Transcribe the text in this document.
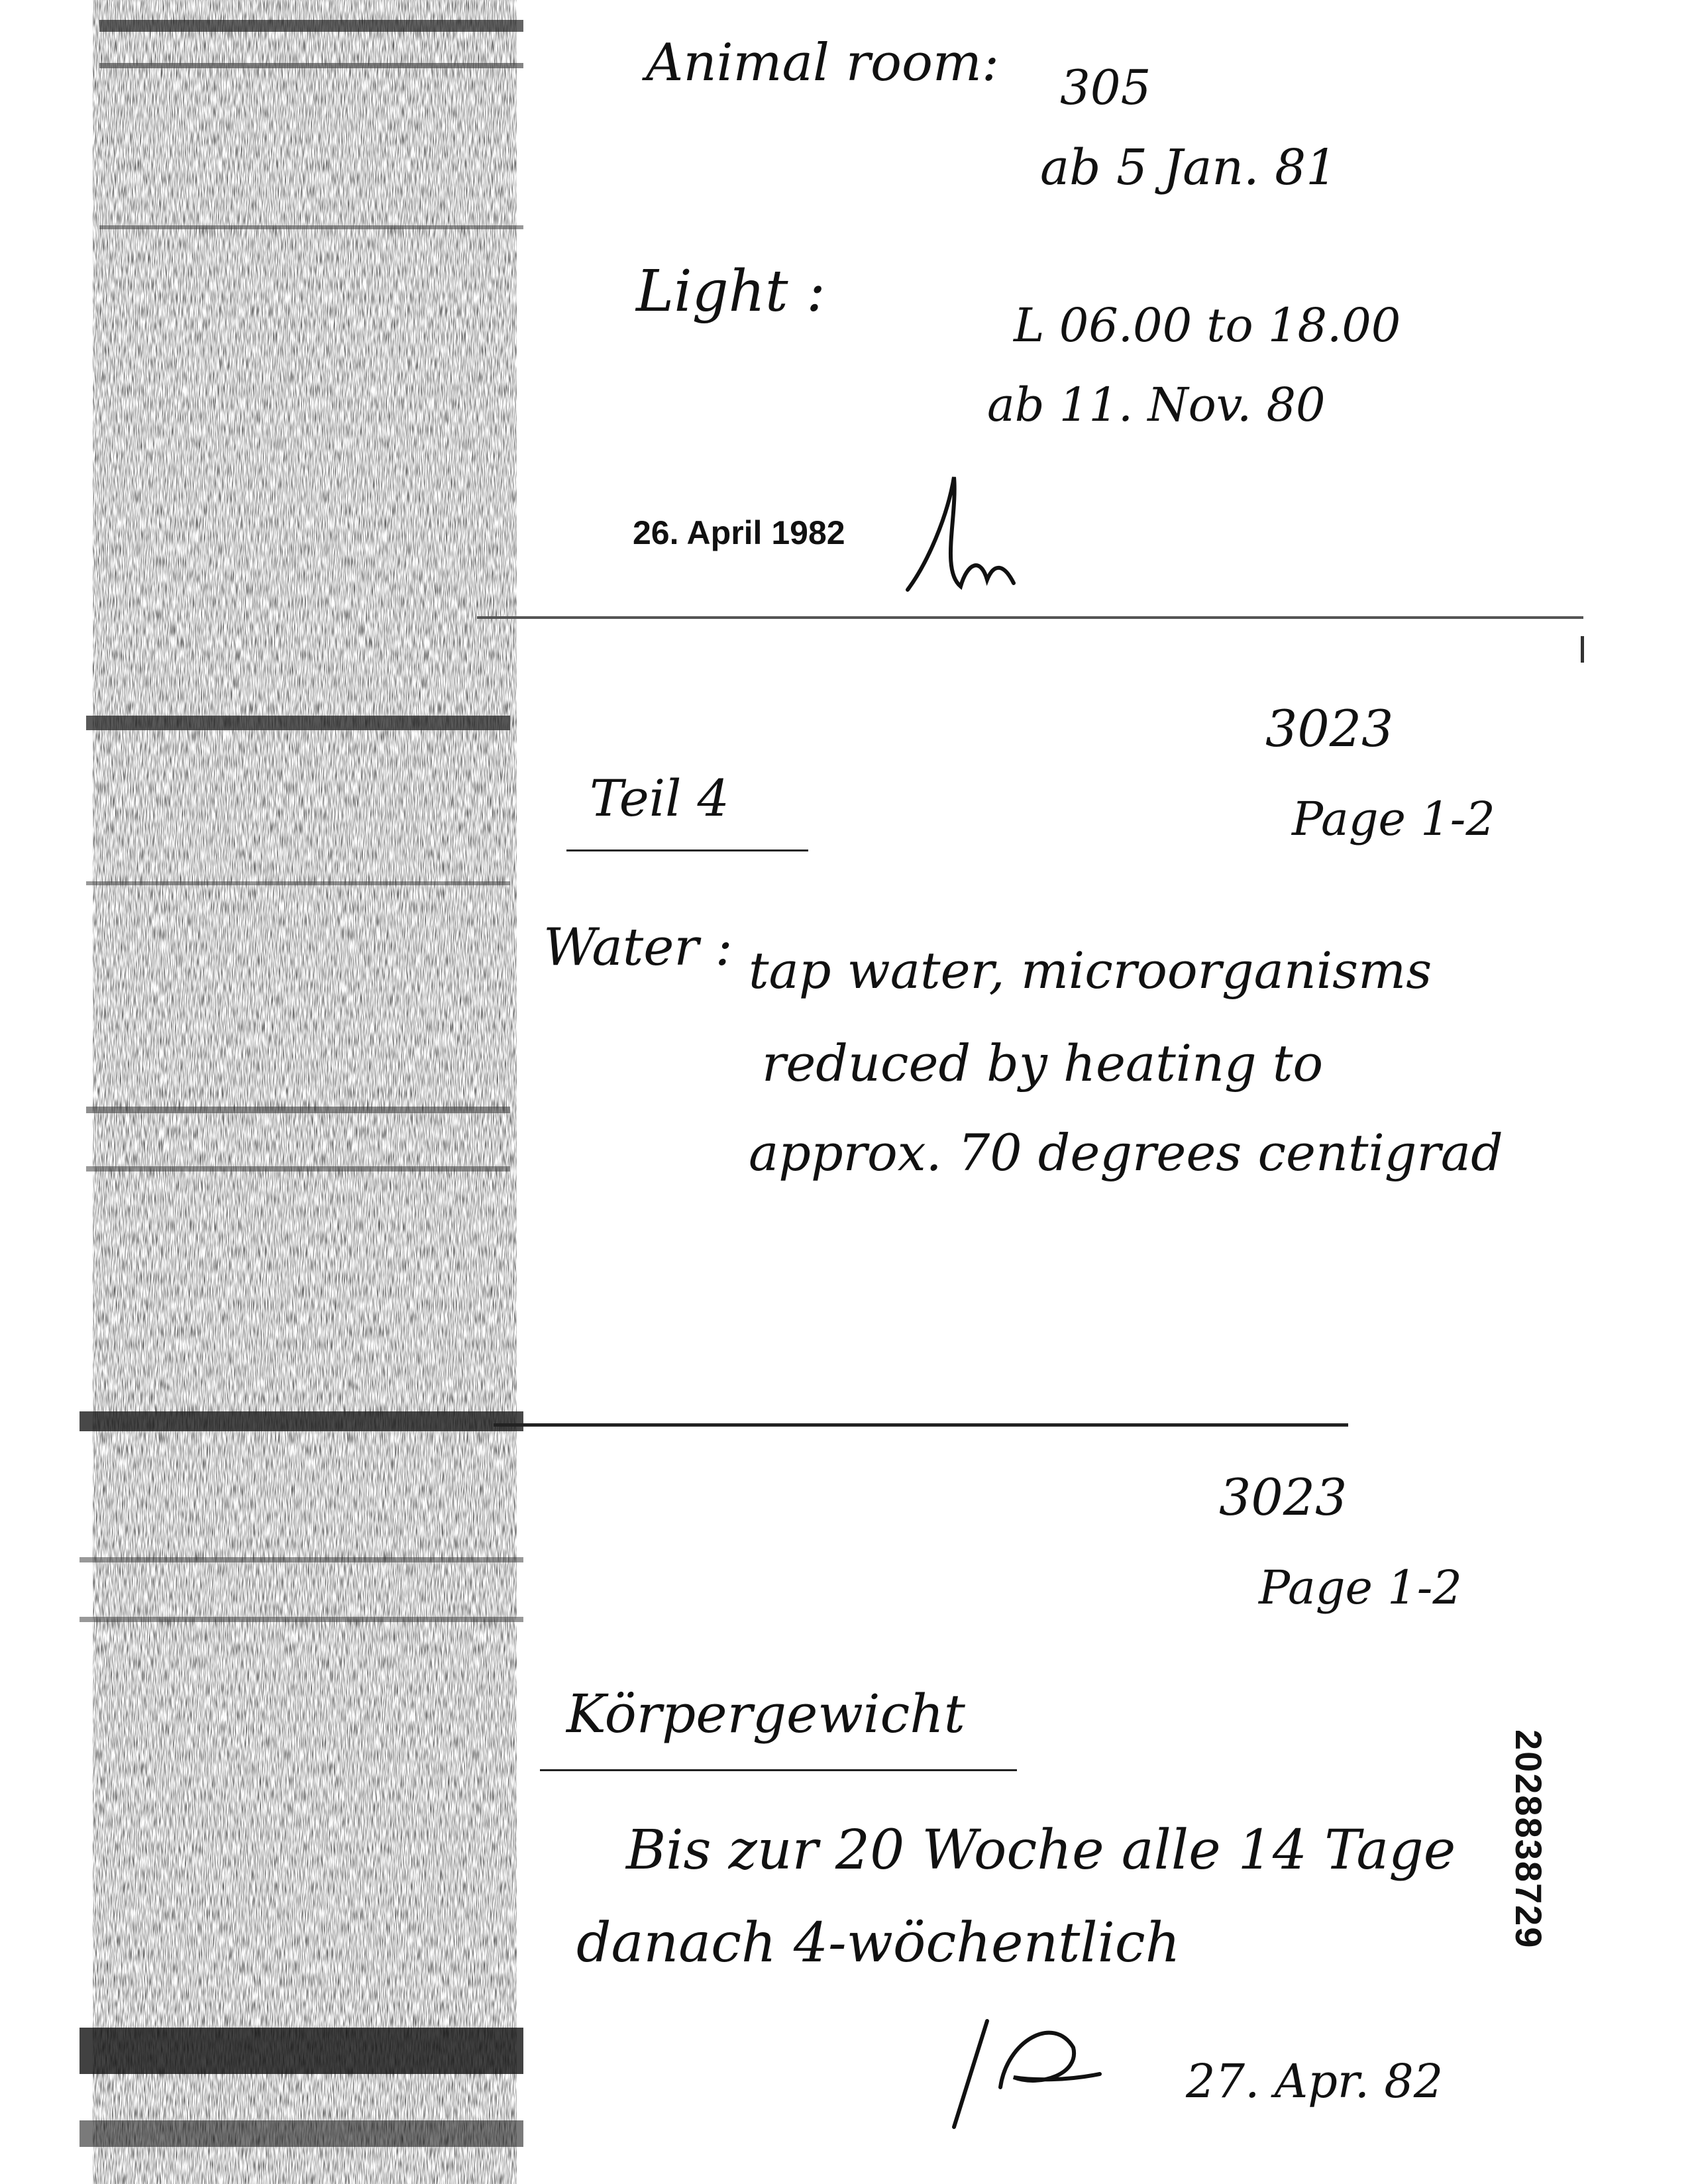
Animal room: 305
ab 5 Jan. 81
Light :
L 06.00 to 18.00
ab 11. Nov. 80
26. April 1982
3023
Page 1-2
Teil 4
Water : tap water, microorganisms
reduced by heating to
approx. 70 degrees centigrad
3023
Page 1-2
Körpergewicht
Bis zur 20 Woche alle 14 Tage
danach 4-wöchentlich
27. Apr. 82
2028838729
